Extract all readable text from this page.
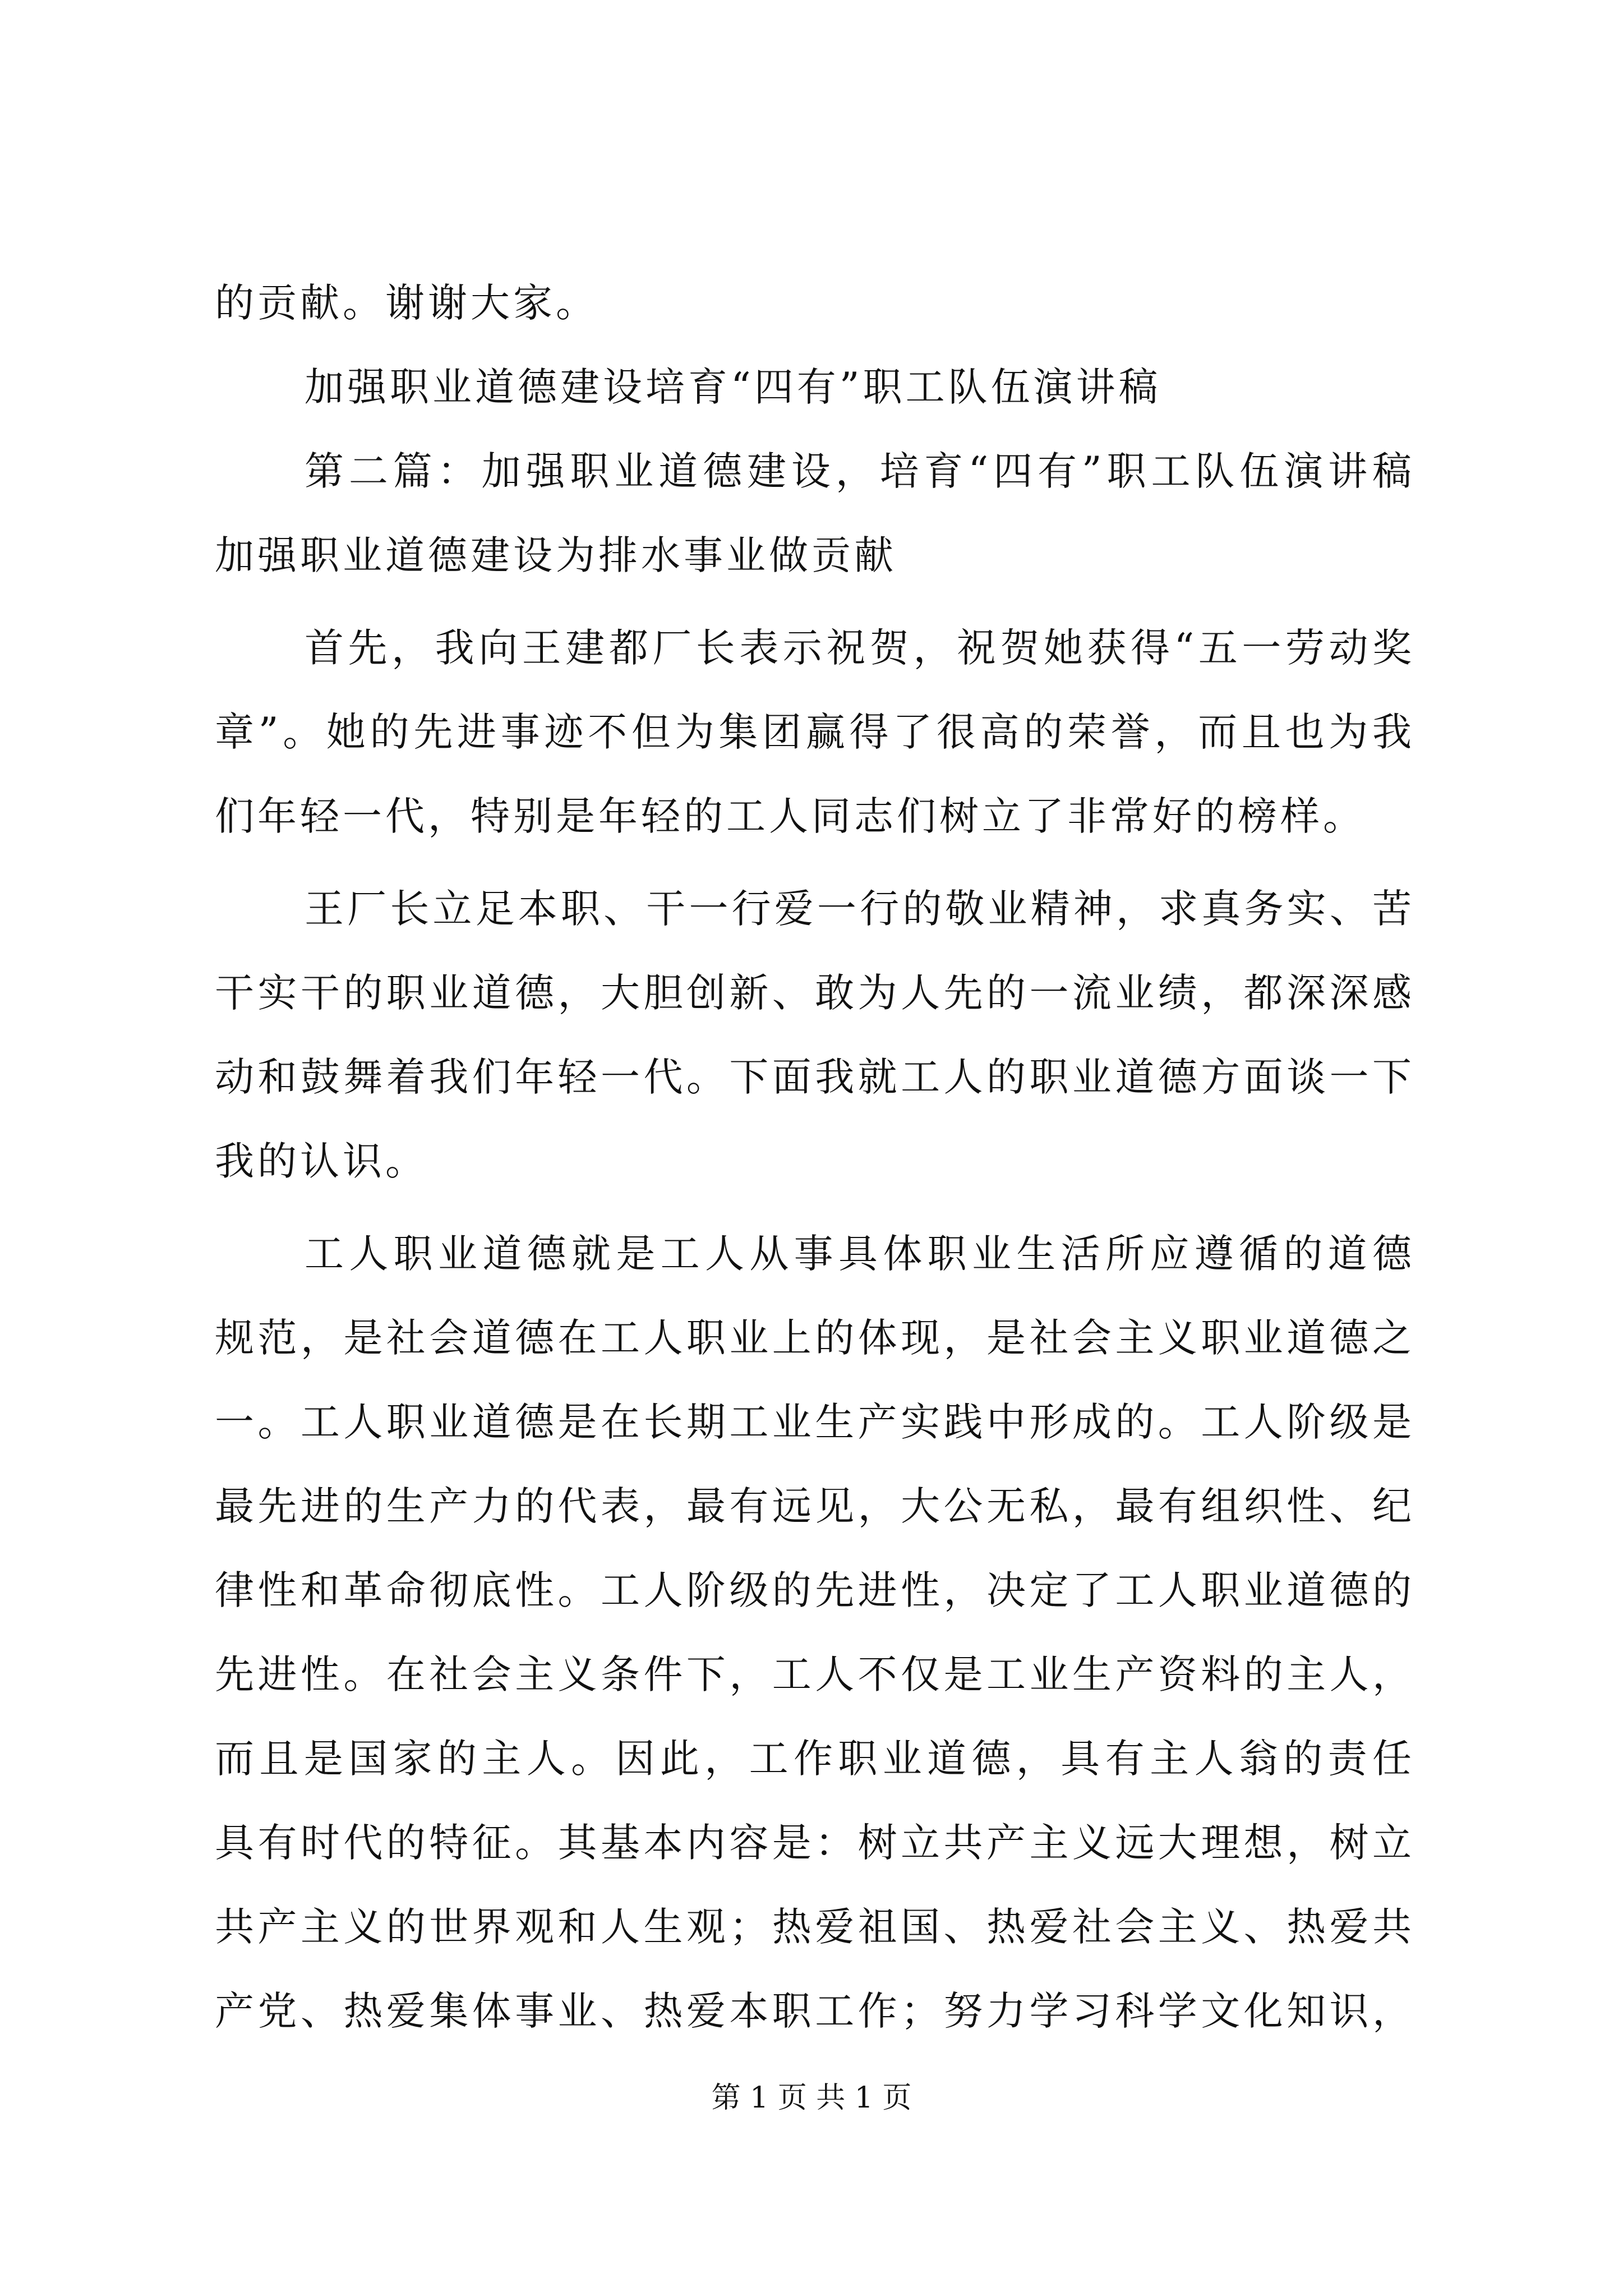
的贡献。谢谢大家。
加强职业道德建设培育“四有”职工队伍演讲稿
第二篇：加强职业道德建设，培育“四有”职工队伍演讲稿
加强职业道德建设为排水事业做贡献
首先，我向王建都厂长表示祝贺，祝贺她获得“五一劳动奖
章”。她的先进事迹不但为集团赢得了很高的荣誉，而且也为我
们年轻一代，特别是年轻的工人同志们树立了非常好的榜样。
王厂长立足本职、干一行爱一行的敬业精神，求真务实、苦
干实干的职业道德，大胆创新、敢为人先的一流业绩，都深深感
动和鼓舞着我们年轻一代。下面我就工人的职业道德方面谈一下
我的认识。
工人职业道德就是工人从事具体职业生活所应遵循的道德
规范，是社会道德在工人职业上的体现，是社会主义职业道德之
一。工人职业道德是在长期工业生产实践中形成的。工人阶级是
最先进的生产力的代表，最有远见，大公无私，最有组织性、纪
律性和革命彻底性。工人阶级的先进性，决定了工人职业道德的
先进性。在社会主义条件下，工人不仅是工业生产资料的主人，
而且是国家的主人。因此，工作职业道德，具有主人翁的责任
具有时代的特征。其基本内容是：树立共产主义远大理想，树立
共产主义的世界观和人生观；热爱祖国、热爱社会主义、热爱共
产党、热爱集体事业、热爱本职工作；努力学习科学文化知识，
第 1 页 共 1 页
